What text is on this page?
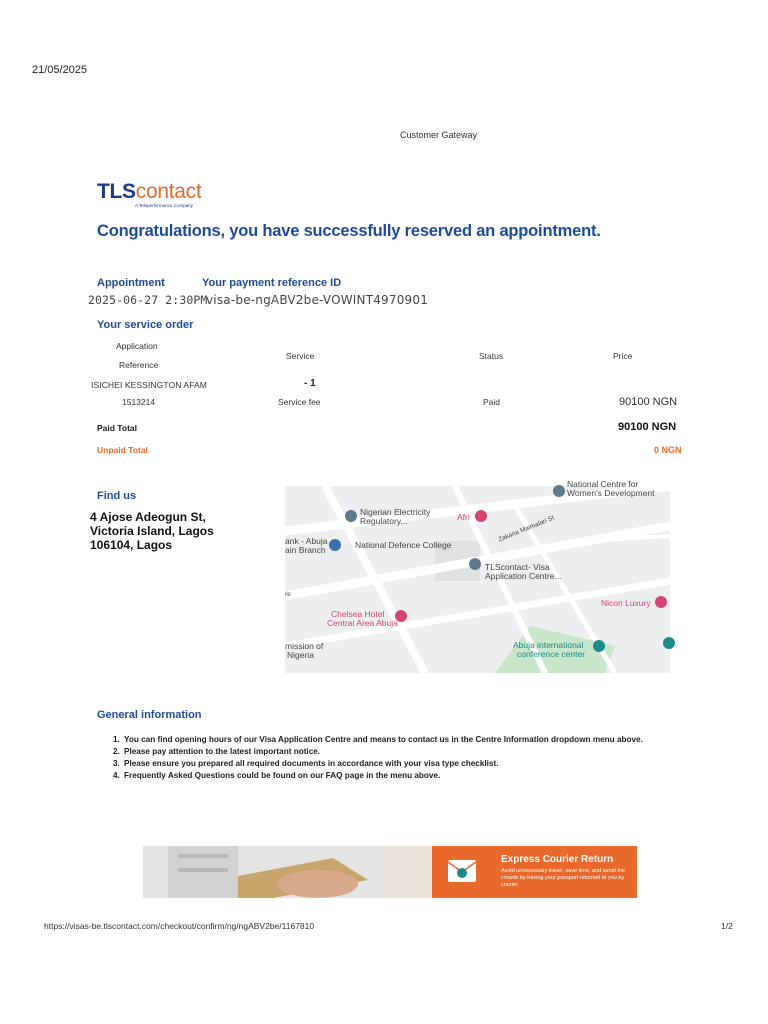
21/05/2025
Customer Gateway
TLScontact
A Teleperformance Company
Congratulations, you have successfully reserved an appointment.
Appointment	Your payment reference ID
2025-06-27 2:30PM
visa-be-ngABV2be-VOWINT4970901
Your service order
Application
Reference
Service	Status	Price
ISICHEI KESSINGTON AFAM	- 1
1513214	Service fee	Paid	90100 NGN
Paid Total	90100 NGN
Unpaid Total	0 NGN
Find us
4 Ajose Adeogun St,
Victoria Island, Lagos
106104, Lagos
National Centre for
Women's Development
Nigerian Electricity
Regulatory...	Afri
ank - Abuja
ain Branch	National Defence College
Zakaria Maimalari St
TLScontact- Visa
Application Centre...
Nicon Luxury
Chelsea Hotel
Central Area Abuja
mission of
Nigeria
Abuja international
conference center
re
General information
1. You can find opening hours of our Visa Application Centre and means to contact us in the Centre Information dropdown menu above.
2. Please pay attention to the latest important notice.
3. Please ensure you prepared all required documents in accordance with your visa type checklist.
4. Frequently Asked Questions could be found on our FAQ page in the menu above.
Express Courier Return
Avoid unnecessary travel, save time, and avoid the crowds by having your passport returned to you by courier.
https://visas-be.tlscontact.com/checkout/confirm/ng/ngABV2be/1167810	1/2
